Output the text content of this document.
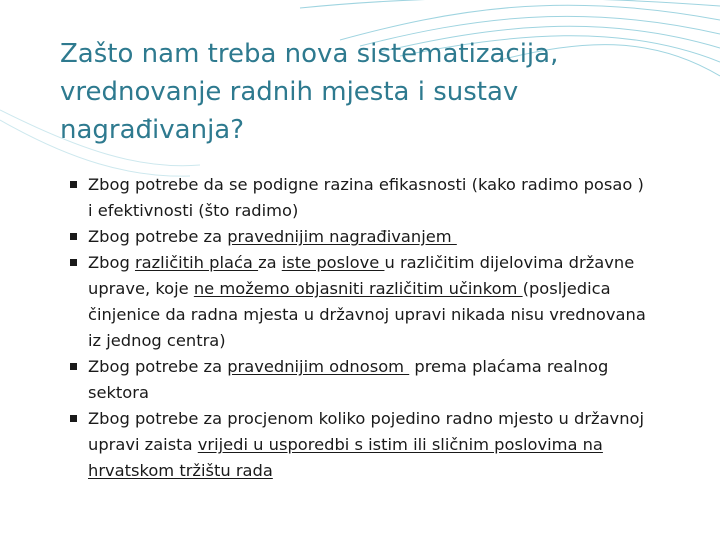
Zašto nam treba nova sistematizacija,
vrednovanje radnih mjesta i sustav
nagrađivanja?
Zbog potrebe da se podigne razina efikasnosti (kako radimo posao )
i efektivnosti (što radimo)
Zbog potrebe za pravednijim nagrađivanjem
Zbog različitih plaća za iste poslove u različitim dijelovima državne
uprave, koje ne možemo objasniti različitim učinkom (posljedica
činjenice da radna mjesta u državnoj upravi nikada nisu vrednovana
iz jednog centra)
Zbog potrebe za pravednijim odnosom  prema plaćama realnog
sektora
Zbog potrebe za procjenom koliko pojedino radno mjesto u državnoj
upravi zaista vrijedi u usporedbi s istim ili sličnim poslovima na
hrvatskom tržištu rada
